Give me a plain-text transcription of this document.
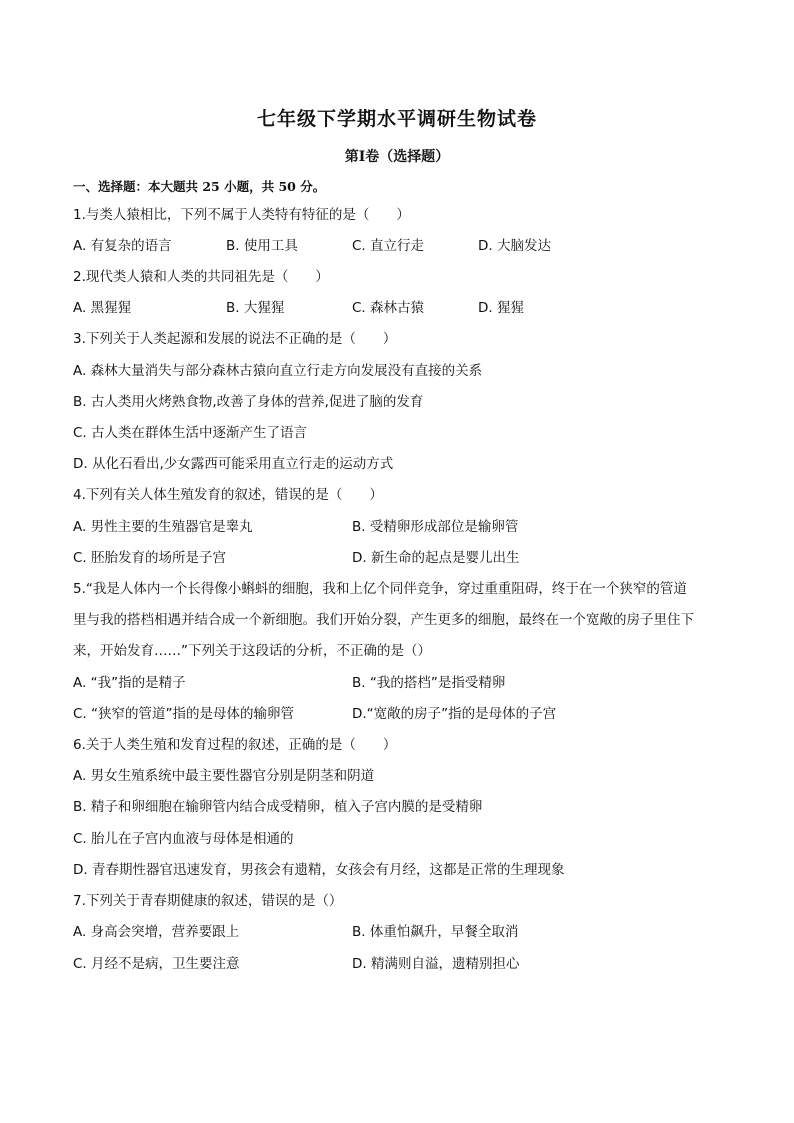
七年级下学期水平调研生物试卷
第Ⅰ卷（选择题）
一、选择题：本大题共 25 小题，共 50 分。
1.与类人猿相比，下列不属于人类特有特征的是（　　）
A. 有复杂的语言	B. 使用工具	C. 直立行走	D. 大脑发达
2.现代类人猿和人类的共同祖先是（　　）
A. 黑猩猩	B. 大猩猩	C. 森林古猿	D. 猩猩
3.下列关于人类起源和发展的说法不正确的是（　　）
A. 森林大量消失与部分森林古猿向直立行走方向发展没有直接的关系
B. 古人类用火烤熟食物,改善了身体的营养,促进了脑的发育
C. 古人类在群体生活中逐渐产生了语言
D. 从化石看出,少女露西可能采用直立行走的运动方式
4.下列有关人体生殖发育的叙述，错误的是（　　）
A. 男性主要的生殖器官是睾丸	B. 受精卵形成部位是输卵管
C. 胚胎发育的场所是子宫	D. 新生命的起点是婴儿出生
5.“我是人体内一个长得像小蝌蚪的细胞，我和上亿个同伴竞争，穿过重重阻碍，终于在一个狭窄的管道
里与我的搭档相遇并结合成一个新细胞。我们开始分裂，产生更多的细胞，最终在一个宽敞的房子里住下
来，开始发育……”下列关于这段话的分析，不正确的是（）
A. “我”指的是精子	B. “我的搭档”是指受精卵
C. “狭窄的管道”指的是母体的输卵管	D.“宽敞的房子”指的是母体的子宫
6.关于人类生殖和发育过程的叙述，正确的是（　　）
A. 男女生殖系统中最主要性器官分别是阴茎和阴道
B. 精子和卵细胞在输卵管内结合成受精卵，植入子宫内膜的是受精卵
C. 胎儿在子宫内血液与母体是相通的
D. 青春期性器官迅速发育，男孩会有遗精，女孩会有月经，这都是正常的生理现象
7.下列关于青春期健康的叙述，错误的是（）
A. 身高会突增，营养要跟上	B. 体重怕飙升，早餐全取消
C. 月经不是病，卫生要注意	D. 精满则自溢，遗精别担心
